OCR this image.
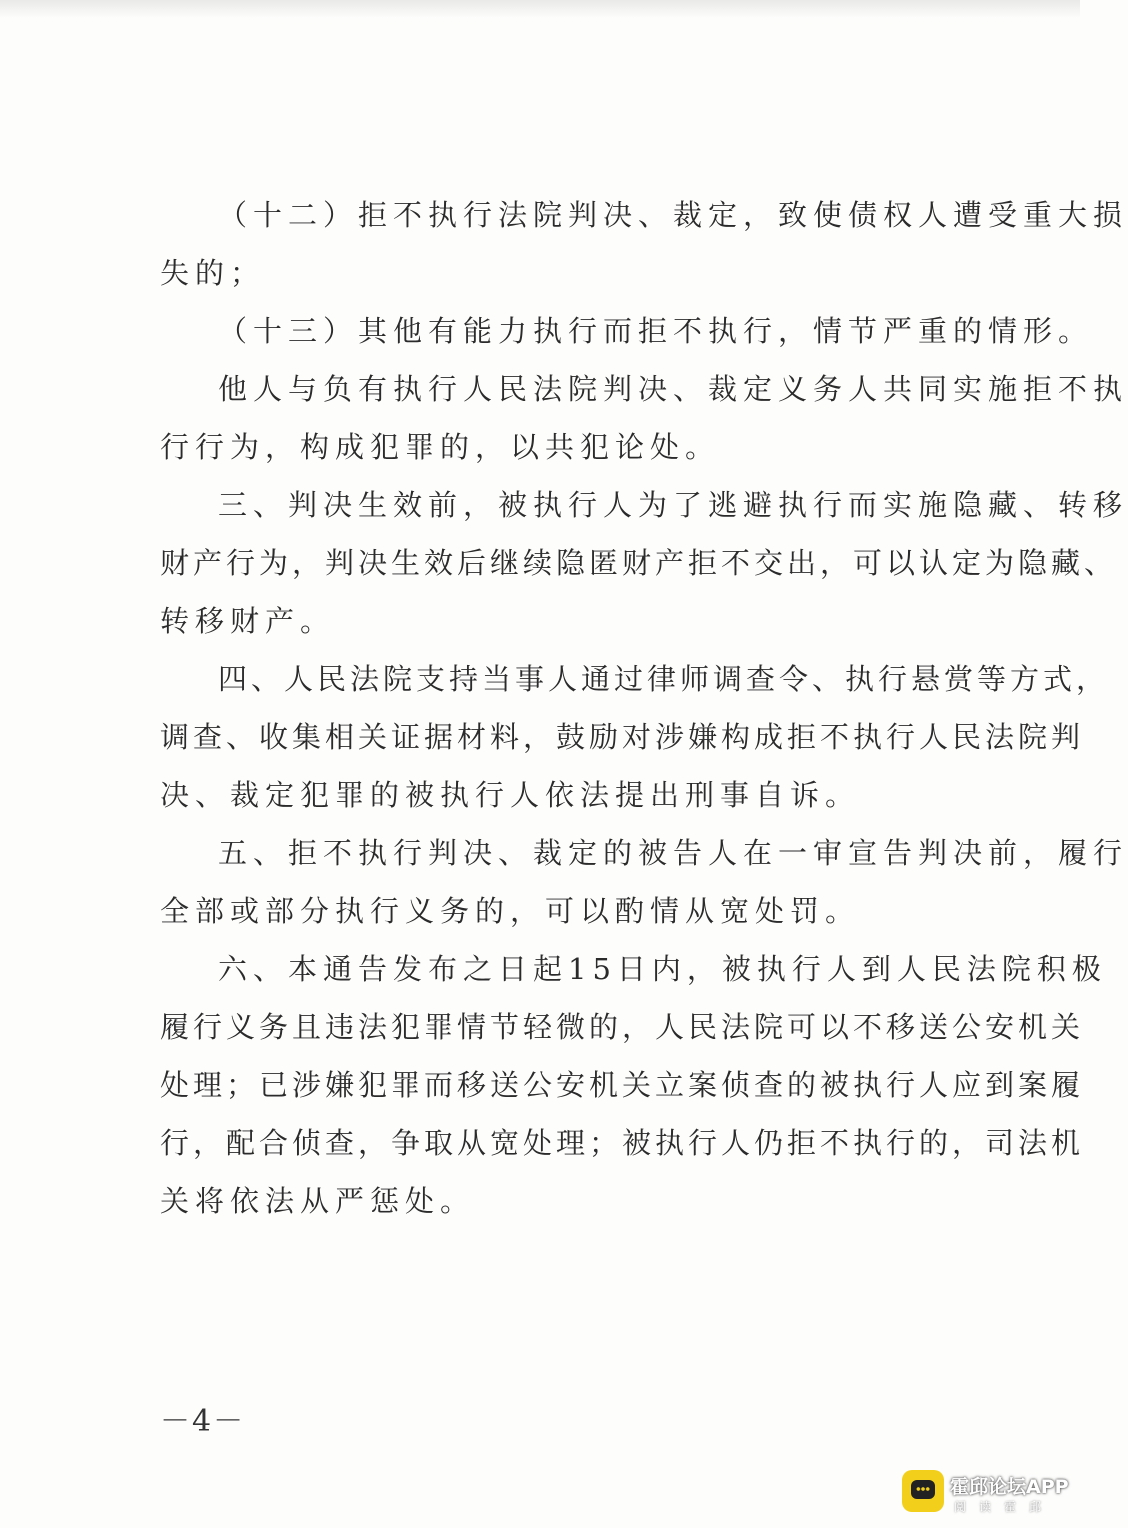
（十二）拒不执行法院判决、裁定，致使债权人遭受重大损
失的；
（十三）其他有能力执行而拒不执行，情节严重的情形。
他人与负有执行人民法院判决、裁定义务人共同实施拒不执
行行为，构成犯罪的，以共犯论处。
三、判决生效前，被执行人为了逃避执行而实施隐藏、转移
财产行为，判决生效后继续隐匿财产拒不交出，可以认定为隐藏、
转移财产。
四、人民法院支持当事人通过律师调查令、执行悬赏等方式，
调查、收集相关证据材料，鼓励对涉嫌构成拒不执行人民法院判
决、裁定犯罪的被执行人依法提出刑事自诉。
五、拒不执行判决、裁定的被告人在一审宣告判决前，履行
全部或部分执行义务的，可以酌情从宽处罚。
六、本通告发布之日起15日内，被执行人到人民法院积极
履行义务且违法犯罪情节轻微的，人民法院可以不移送公安机关
处理；已涉嫌犯罪而移送公安机关立案侦查的被执行人应到案履
行，配合侦查，争取从宽处理；被执行人仍拒不执行的，司法机
关将依法从严惩处。
－4－
霍邱论坛APP
阅读霍邱
